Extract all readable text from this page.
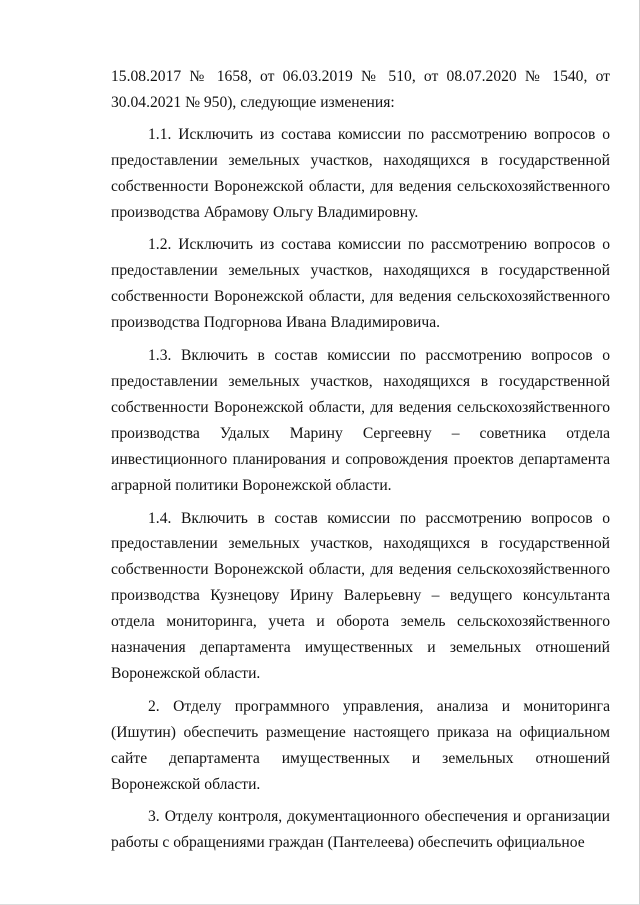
15.08.2017 № 1658, от 06.03.2019 № 510, от 08.07.2020 № 1540, от 30.04.2021 № 950), следующие изменения:

1.1. Исключить из состава комиссии по рассмотрению вопросов о предоставлении земельных участков, находящихся в государственной собственности Воронежской области, для ведения сельскохозяйственного производства Абрамову Ольгу Владимировну.

1.2. Исключить из состава комиссии по рассмотрению вопросов о предоставлении земельных участков, находящихся в государственной собственности Воронежской области, для ведения сельскохозяйственного производства Подгорнова Ивана Владимировича.

1.3. Включить в состав комиссии по рассмотрению вопросов о предоставлении земельных участков, находящихся в государственной собственности Воронежской области, для ведения сельскохозяйственного производства Удалых Марину Сергеевну – советника отдела инвестиционного планирования и сопровождения проектов департамента аграрной политики Воронежской области.

1.4. Включить в состав комиссии по рассмотрению вопросов о предоставлении земельных участков, находящихся в государственной собственности Воронежской области, для ведения сельскохозяйственного производства Кузнецову Ирину Валерьевну – ведущего консультанта отдела мониторинга, учета и оборота земель сельскохозяйственного назначения департамента имущественных и земельных отношений Воронежской области.

2. Отделу программного управления, анализа и мониторинга (Ишутин) обеспечить размещение настоящего приказа на официальном сайте департамента имущественных и земельных отношений Воронежской области.

3. Отделу контроля, документационного обеспечения и организации работы с обращениями граждан (Пантелеева) обеспечить официальное
